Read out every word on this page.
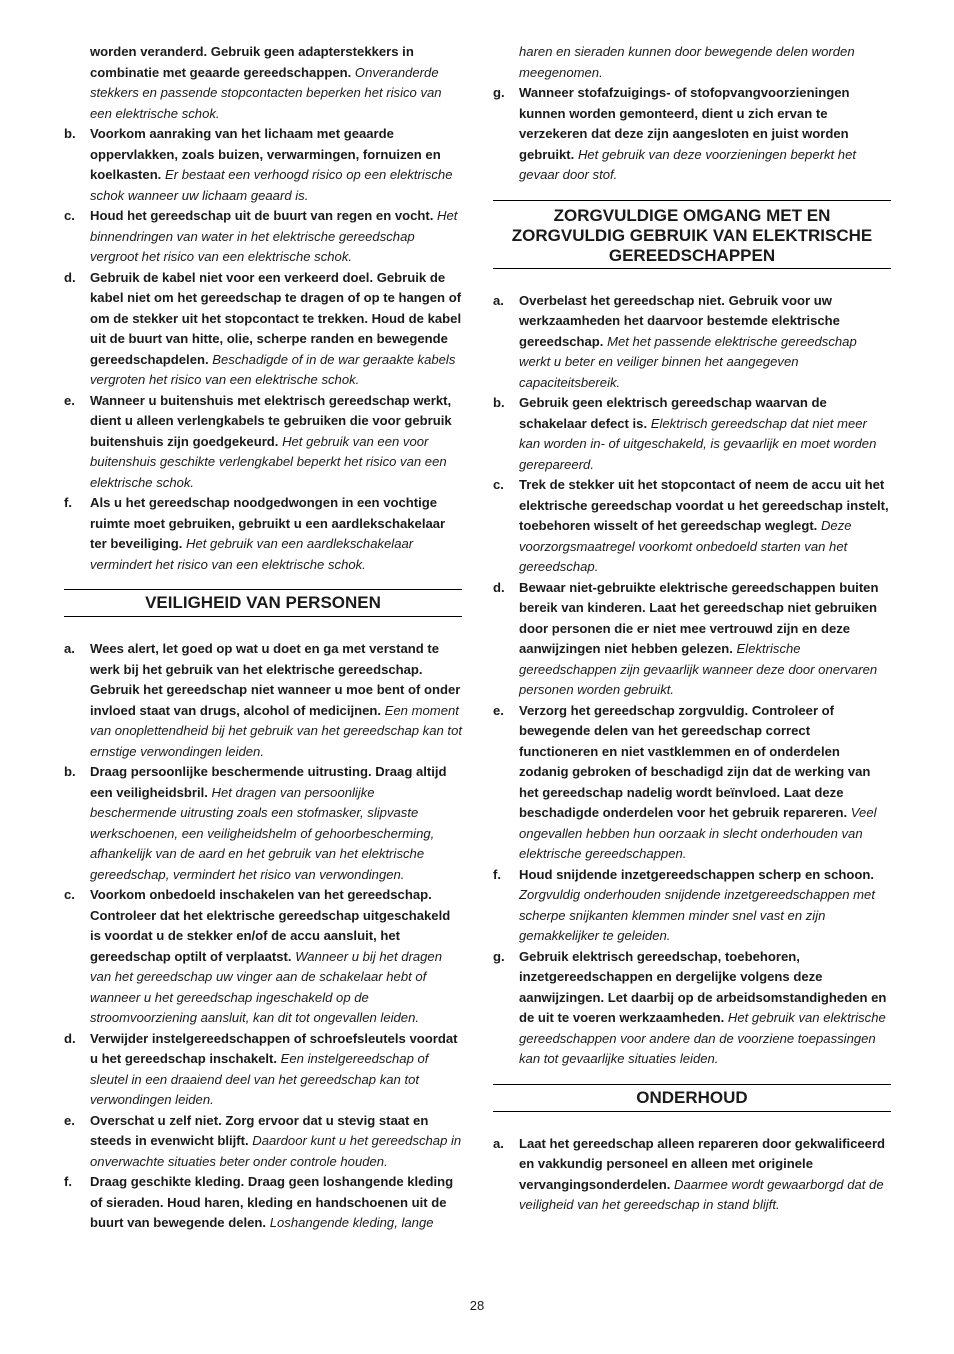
worden veranderd. Gebruik geen adapterstekkers in combinatie met geaarde gereedschappen. Onveranderde stekkers en passende stopcontacten beperken het risico van een elektrische schok.
b.	Voorkom aanraking van het lichaam met geaarde oppervlakken, zoals buizen, verwarmingen, fornuizen en koelkasten. Er bestaat een verhoogd risico op een elektrische schok wanneer uw lichaam geaard is.
c.	Houd het gereedschap uit de buurt van regen en vocht. Het binnendringen van water in het elektrische gereedschap vergroot het risico van een elektrische schok.
d.	Gebruik de kabel niet voor een verkeerd doel. Gebruik de kabel niet om het gereedschap te dragen of op te hangen of om de stekker uit het stopcontact te trekken. Houd de kabel uit de buurt van hitte, olie, scherpe randen en bewegende gereedschapdelen. Beschadigde of in de war geraakte kabels vergroten het risico van een elektrische schok.
e.	Wanneer u buitenshuis met elektrisch gereedschap werkt, dient u alleen verlengkabels te gebruiken die voor gebruik buitenshuis zijn goedgekeurd. Het gebruik van een voor buitenshuis geschikte verlengkabel beperkt het risico van een elektrische schok.
f.	Als u het gereedschap noodgedwongen in een vochtige ruimte moet gebruiken, gebruikt u een aardlekschakelaar ter beveiliging. Het gebruik van een aardlekschakelaar vermindert het risico van een elektrische schok.
VEILIGHEID VAN PERSONEN
a.	Wees alert, let goed op wat u doet en ga met verstand te werk bij het gebruik van het elektrische gereedschap. Gebruik het gereedschap niet wanneer u moe bent of onder invloed staat van drugs, alcohol of medicijnen. Een moment van onoplettendheid bij het gebruik van het gereedschap kan tot ernstige verwondingen leiden.
b.	Draag persoonlijke beschermende uitrusting. Draag altijd een veiligheidsbril. Het dragen van persoonlijke beschermende uitrusting zoals een stofmasker, slipvaste werkschoenen, een veiligheidshelm of gehoorbescherming, afhankelijk van de aard en het gebruik van het elektrische gereedschap, vermindert het risico van verwondingen.
c.	Voorkom onbedoeld inschakelen van het gereedschap. Controleer dat het elektrische gereedschap uitgeschakeld is voordat u de stekker en/of de accu aansluit, het gereedschap optilt of verplaatst. Wanneer u bij het dragen van het gereedschap uw vinger aan de schakelaar hebt of wanneer u het gereedschap ingeschakeld op de stroomvoorziening aansluit, kan dit tot ongevallen leiden.
d.	Verwijder instelgereedschappen of schroefsleutels voordat u het gereedschap inschakelt. Een instelgereedschap of sleutel in een draaiend deel van het gereedschap kan tot verwondingen leiden.
e.	Overschat u zelf niet. Zorg ervoor dat u stevig staat en steeds in evenwicht blijft. Daardoor kunt u het gereedschap in onverwachte situaties beter onder controle houden.
f.	Draag geschikte kleding. Draag geen loshangende kleding of sieraden. Houd haren, kleding en handschoenen uit de buurt van bewegende delen. Loshangende kleding, lange
haren en sieraden kunnen door bewegende delen worden meegenomen.
g.	Wanneer stofafzuigings- of stofopvangvoorzieningen kunnen worden gemonteerd, dient u zich ervan te verzekeren dat deze zijn aangesloten en juist worden gebruikt. Het gebruik van deze voorzieningen beperkt het gevaar door stof.
ZORGVULDIGE OMGANG MET EN
ZORGVULDIG GEBRUIK VAN ELEKTRISCHE
GEREEDSCHAPPEN
a.	Overbelast het gereedschap niet. Gebruik voor uw werkzaamheden het daarvoor bestemde elektrische gereedschap. Met het passende elektrische gereedschap werkt u beter en veiliger binnen het aangegeven capaciteitsbereik.
b.	Gebruik geen elektrisch gereedschap waarvan de schakelaar defect is. Elektrisch gereedschap dat niet meer kan worden in- of uitgeschakeld, is gevaarlijk en moet worden gerepareerd.
c.	Trek de stekker uit het stopcontact of neem de accu uit het elektrische gereedschap voordat u het gereedschap instelt, toebehoren wisselt of het gereedschap weglegt. Deze voorzorgsmaatregel voorkomt onbedoeld starten van het gereedschap.
d.	Bewaar niet-gebruikte elektrische gereedschappen buiten bereik van kinderen. Laat het gereedschap niet gebruiken door personen die er niet mee vertrouwd zijn en deze aanwijzingen niet hebben gelezen. Elektrische gereedschappen zijn gevaarlijk wanneer deze door onervaren personen worden gebruikt.
e.	Verzorg het gereedschap zorgvuldig. Controleer of bewegende delen van het gereedschap correct functioneren en niet vastklemmen en of onderdelen zodanig gebroken of beschadigd zijn dat de werking van het gereedschap nadelig wordt beïnvloed. Laat deze beschadigde onderdelen voor het gebruik repareren. Veel ongevallen hebben hun oorzaak in slecht onderhouden van elektrische gereedschappen.
f.	Houd snijdende inzetgereedschappen scherp en schoon. Zorgvuldig onderhouden snijdende inzetgereedschappen met scherpe snijkanten klemmen minder snel vast en zijn gemakkelijker te geleiden.
g.	Gebruik elektrisch gereedschap, toebehoren, inzetgereedschappen en dergelijke volgens deze aanwijzingen. Let daarbij op de arbeidsomstandigheden en de uit te voeren werkzaamheden. Het gebruik van elektrische gereedschappen voor andere dan de voorziene toepassingen kan tot gevaarlijke situaties leiden.
ONDERHOUD
a.	Laat het gereedschap alleen repareren door gekwalificeerd en vakkundig personeel en alleen met originele vervangingsonderdelen. Daarmee wordt gewaarborgd dat de veiligheid van het gereedschap in stand blijft.
28
